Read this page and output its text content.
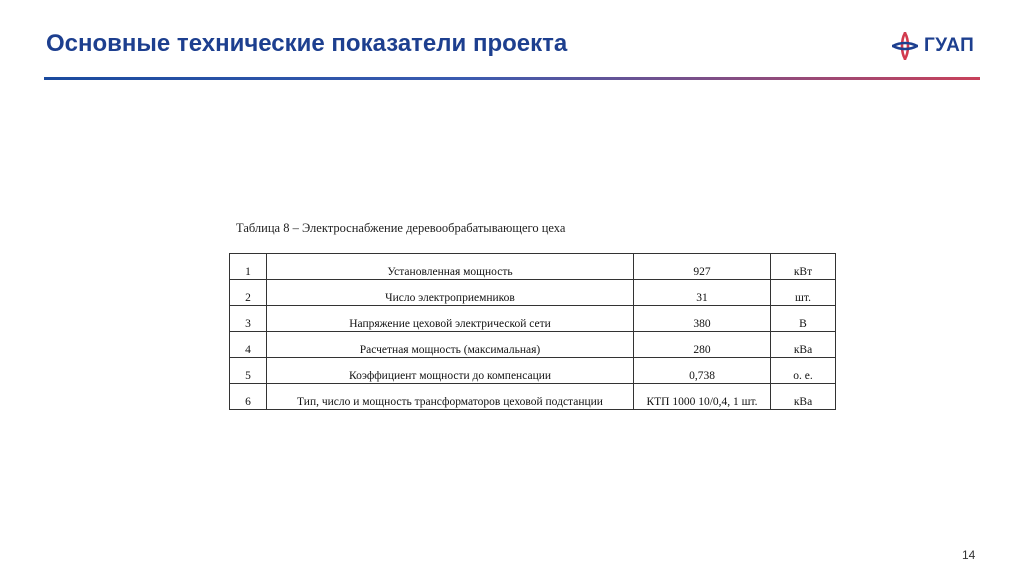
Основные технические показатели проекта	ГУАП
Таблица 8 – Электроснабжение деревообрабатывающего цеха
1	Установленная мощность	927	кВт
2	Число электроприемников	31	шт.
3	Напряжение цеховой электрической сети	380	В
4	Расчетная мощность (максимальная)	280	кВа
5	Коэффициент мощности до компенсации	0,738	о. е.
6	Тип, число и мощность трансформаторов цеховой подстанции	КТП 1000 10/0,4, 1 шт.	кВа
14
